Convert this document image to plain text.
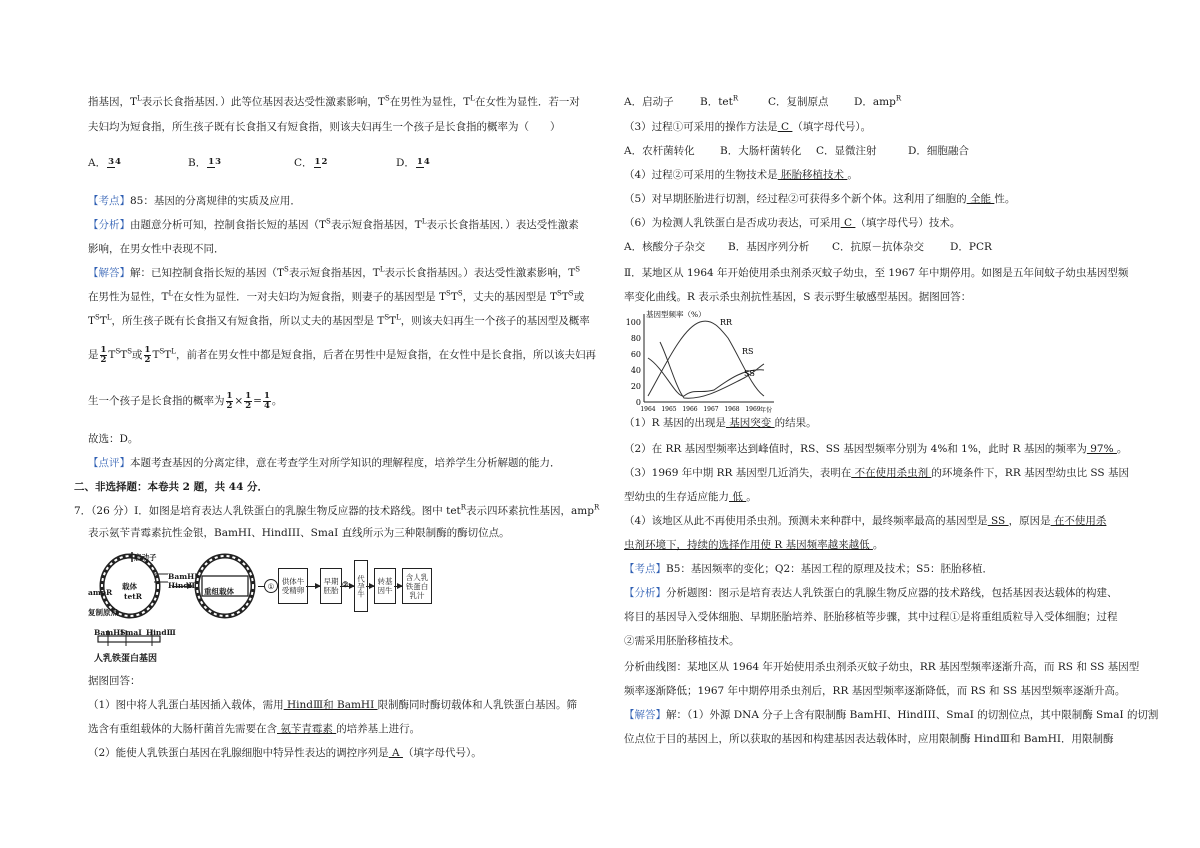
指基因，$T^L$表示长食指基因．）此等位基因表达受性激素影响，$T^S$在男性为显性，$T^L$在女性为显性．若一对
夫妇均为短食指，所生孩子既有长食指又有短食指，则该夫妇再生一个孩子是长食指的概率为（　　）
A． 34	B． 13	C． 12	D． 14
【考点】85：基因的分离规律的实质及应用．
【分析】由题意分析可知，控制食指长短的基因（$T^S$表示短食指基因，$T^L$表示长食指基因．）表达受性激素
影响，在男女性中表现不同．
【解答】解：已知控制食指长短的基因（$T^S$表示短食指基因，$T^L$表示长食指基因。）表达受性激素影响，$T^S$
在男性为显性，$T^L$在女性为显性．一对夫妇均为短食指，则妻子的基因型是 $T^ST^S$，丈夫的基因型是 $T^ST^S$或
$T^ST^L$，所生孩子既有长食指又有短食指，所以丈夫的基因型是 $T^ST^L$，则该夫妇再生一个孩子的基因型及概率
是 $\frac{1}{2} T^ST^S$或 $\frac{1}{2} T^ST^L$，前者在男女性中都是短食指，后者在男性中是短食指，在女性中是长食指，所以该夫妇再
生一个孩子是长食指的概率为 $\frac{1}{2} \times \frac{1}{2} = \frac{1}{4}$ 。
故选：D。
【点评】本题考查基因的分离定律，意在考查学生对所学知识的理解程度，培养学生分析解题的能力．
二、非选择题：本卷共 2 题，共 44 分．
7．（26 分）Ⅰ．如图是培育表达人乳铁蛋白的乳腺生物反应器的技术路线。图中 tet$^R$表示四环素抗性基因，amp$^R$
表示氨苄青霉素抗性金银，BamHI、HindIII、SmaI 直线所示为三种限制酶的酶切位点。
启动子
BamHⅠ
HindⅢ
载体
tetR
ampR
复制原点
重组载体
① 供体牛受精卵
早期胚胎
②	代孕牛	转基因牛
含人乳铁蛋白乳汁
BamHⅠ
SmaⅠ HindⅢ
人乳铁蛋白基因
据图回答：
（1）图中将人乳蛋白基因插入载体，需用 HindⅢ和 BamHⅠ 限制酶同时酶切载体和人乳铁蛋白基因。筛
选含有重组载体的大肠杆菌首先需要在含 氨苄青霉素 的培养基上进行。
（2）能使人乳铁蛋白基因在乳腺细胞中特异性表达的调控序列是 A （填字母代号）。
A．启动子	B．tet$^R$	C．复制原点 D．amp$^R$
（3）过程①可采用的操作方法是 C （填字母代号）。
A．农杆菌转化 B．大肠杆菌转化 C．显微注射	D．细胞融合
（4）过程②可采用的生物技术是 胚胎移植技术 。
（5）对早期胚胎进行切割，经过程②可获得多个新个体。这利用了细胞的 全能 性。
（6）为检测人乳铁蛋白是否成功表达，可采用 C （填字母代号）技术。
A．核酸分子杂交 B．基因序列分析 C．抗原－抗体杂交 D．PCR
Ⅱ．某地区从 1964 年开始使用杀虫剂杀灭蚊子幼虫，至 1967 年中期停用。如图是五年间蚊子幼虫基因型频
率变化曲线。R 表示杀虫剂抗性基因，S 表示野生敏感型基因。据图回答：
基因型频率（%）
100
80
60
40
20
0
1964 1965 1966 1967 1968 1969
RR
RS
SS
年份
（1）R 基因的出现是 基因突变 的结果。
（2）在 RR 基因型频率达到峰值时，RS、SS 基因型频率分别为 4%和 1%，此时 R 基因的频率为 97% 。
（3）1969 年中期 RR 基因型几近消失，表明在 不在使用杀虫剂 的环境条件下，RR 基因型幼虫比 SS 基因
型幼虫的生存适应能力 低 。
（4）该地区从此不再使用杀虫剂。预测未来种群中，最终频率最高的基因型是 SS ，原因是 在不使用杀
虫剂环境下，持续的选择作用使 R 基因频率越来越低 。
【考点】B5：基因频率的变化；Q2：基因工程的原理及技术；S5：胚胎移植．
【分析】分析题图：图示是培育表达人乳铁蛋白的乳腺生物反应器的技术路线，包括基因表达载体的构建、
将目的基因导入受体细胞、早期胚胎培养、胚胎移植等步骤，其中过程①是将重组质粒导入受体细胞；过程
②需采用胚胎移植技术。
分析曲线图：某地区从 1964 年开始使用杀虫剂杀灭蚊子幼虫，RR 基因型频率逐渐升高，而 RS 和 SS 基因型
频率逐渐降低；1967 年中期停用杀虫剂后，RR 基因型频率逐渐降低，而 RS 和 SS 基因型频率逐渐升高。
【解答】解：（1）外源 DNA 分子上含有限制酶 BamHI、HindIII、SmaI 的切割位点，其中限制酶 SmaI 的切割
位点位于目的基因上，所以获取的基因和构建基因表达载体时，应用限制酶 HindⅢ和 BamHⅠ．用限制酶
